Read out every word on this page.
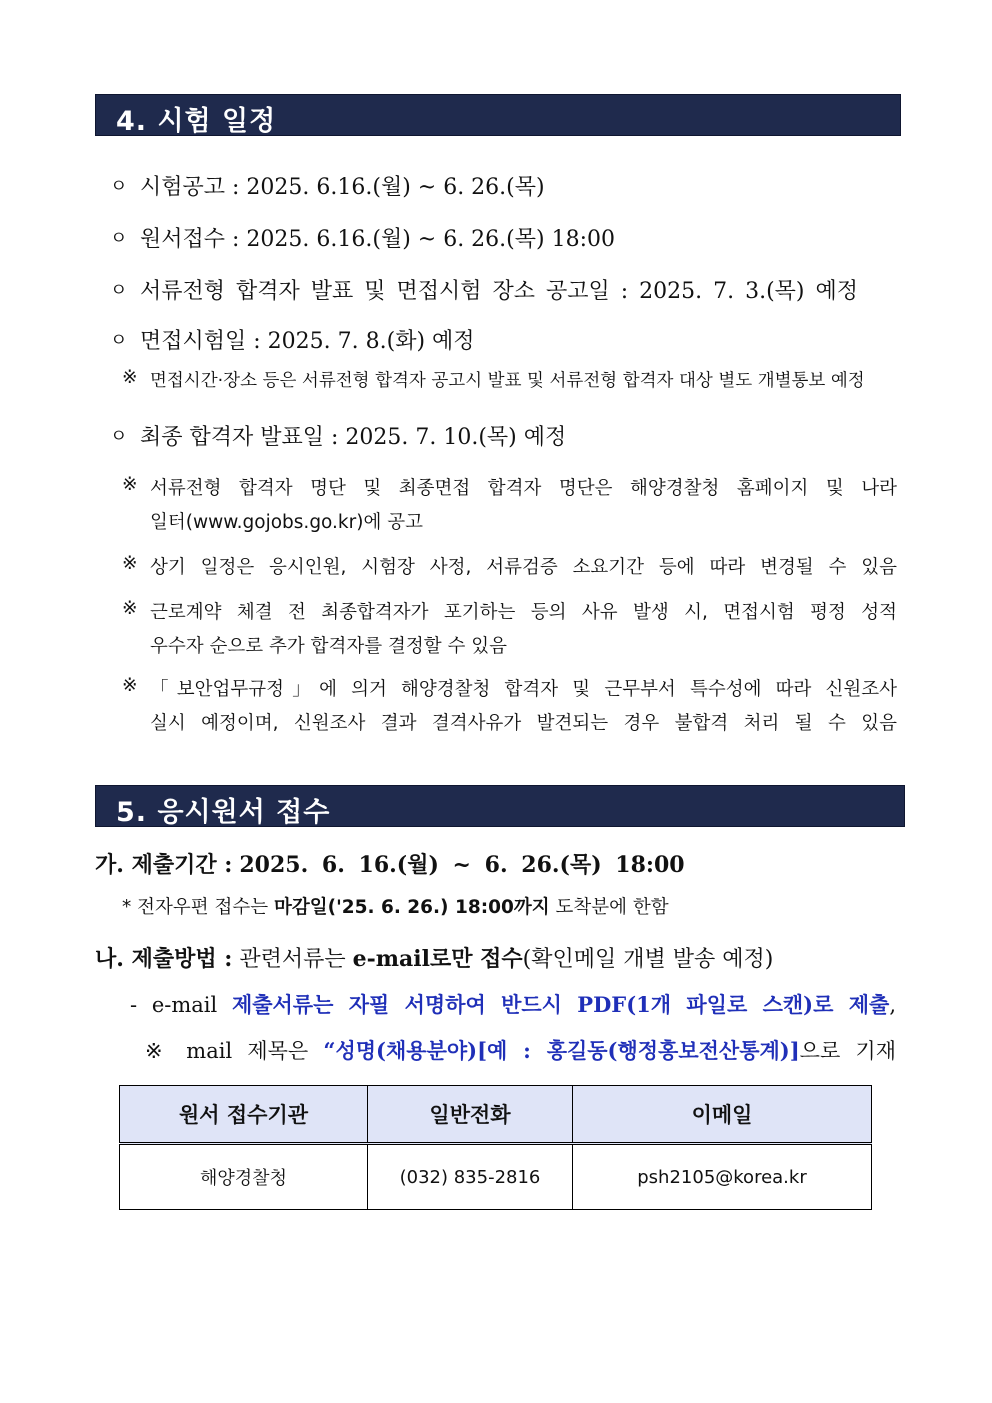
4. 시험 일정
ㅇ 시험공고 : 2025. 6.16.(월) ~ 6. 26.(목)
ㅇ 원서접수 : 2025. 6.16.(월) ~ 6. 26.(목) 18:00
ㅇ 서류전형 합격자 발표 및 면접시험 장소 공고일 : 2025. 7. 3.(목) 예정
ㅇ 면접시험일 : 2025. 7. 8.(화) 예정
※ 면접시간·장소 등은 서류전형 합격자 공고시 발표 및 서류전형 합격자 대상 별도 개별통보 예정
ㅇ 최종 합격자 발표일 : 2025. 7. 10.(목) 예정
※ 서류전형 합격자 명단 및 최종면접 합격자 명단은 해양경찰청 홈페이지 및 나라
일터(www.gojobs.go.kr)에 공고
※ 상기 일정은 응시인원, 시험장 사정, 서류검증 소요기간 등에 따라 변경될 수 있음
※ 근로계약 체결 전 최종합격자가 포기하는 등의 사유 발생 시, 면접시험 평정 성적
우수자 순으로 추가 합격자를 결정할 수 있음
※ 「보안업무규정」에 의거 해양경찰청 합격자 및 근무부서 특수성에 따라 신원조사
실시 예정이며, 신원조사 결과 결격사유가 발견되는 경우 불합격 처리 될 수 있음
5. 응시원서 접수
가. 제출기간 : 2025. 6. 16.(월) ~ 6. 26.(목) 18:00
* 전자우편 접수는 마감일('25. 6. 26.) 18:00까지 도착분에 한함
나. 제출방법 : 관련서류는 e-mail로만 접수(확인메일 개별 발송 예정)
- e-mail 제출서류는 자필 서명하여 반드시 PDF(1개 파일로 스캔)로 제출,
※ mail 제목은 “성명(채용분야)[예 : 홍길동(행정홍보전산통계)]으로 기재
원서 접수기관	일반전화	이메일
해양경찰청	(032) 835-2816	psh2105@korea.kr
